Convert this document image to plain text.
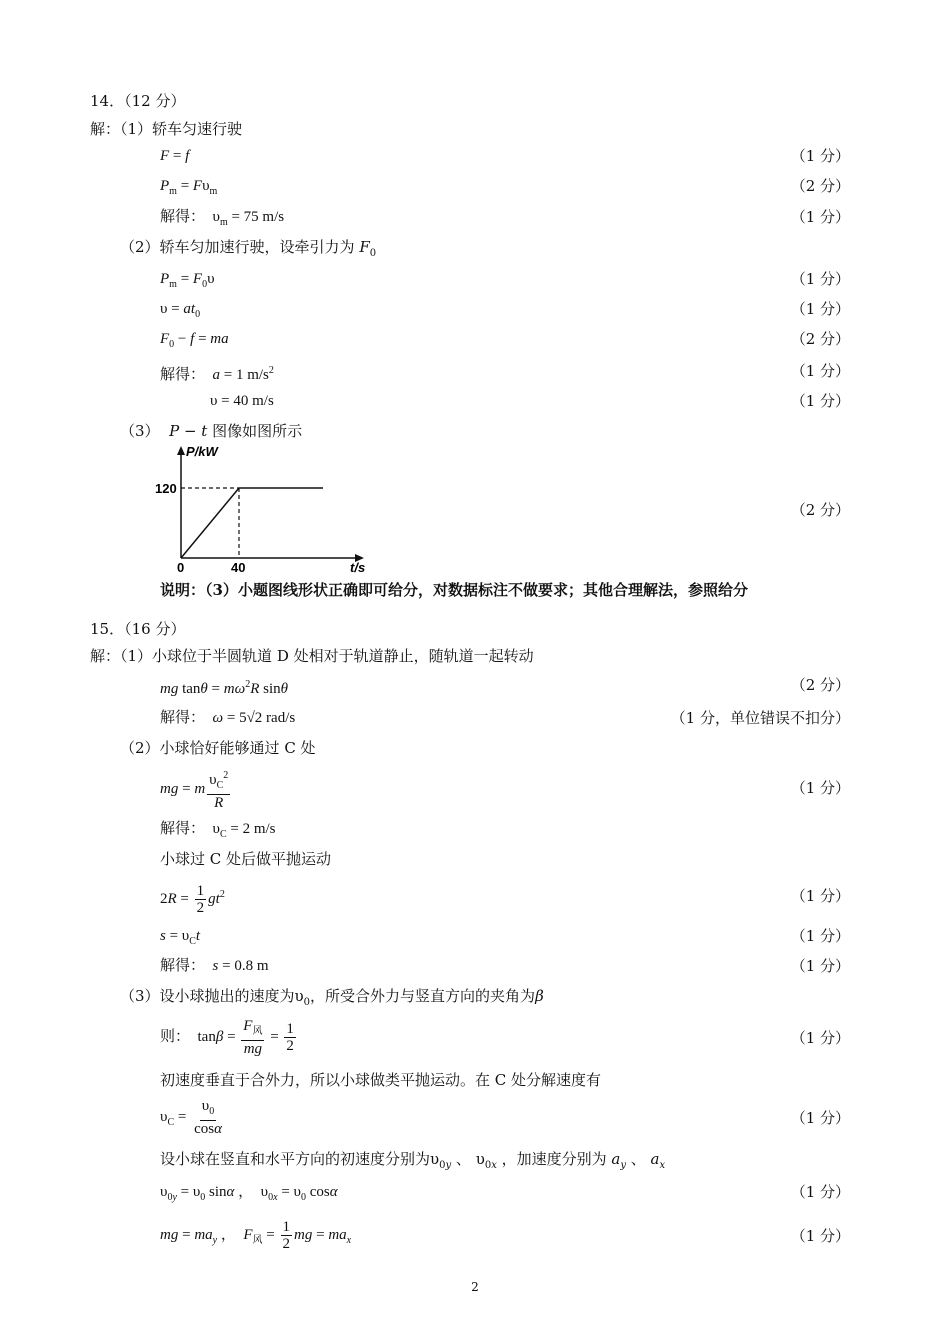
14．（12 分）
解：（1）轿车匀速行驶
F = f	（1 分）
$P_m = F\upsilon_m$	（2 分）
解得：  $\upsilon_m = 75$ m/s	（1 分）
（2）轿车匀加速行驶，设牵引力为 $F_0$
$P_m = F_0\upsilon$	（1 分）
$\upsilon = at_0$	（1 分）
$F_0 - f$ = ma	（2 分）
解得：  a = 1 $m/s^2$	（1 分）
υ = 40 m/s	（1 分）
（3）  P − t 图像如图所示
P/kW
t/s
120
40
0
（2 分）
说明：（3）小题图线形状正确即可给分，对数据标注不做要求；其他合理解法，参照给分
15．（16 分）
解：（1）小球位于半圆轨道 D 处相对于轨道静止，随轨道一起转动
mg $\tan\theta = m\omega^2R$ sinθ	（2 分）
解得：  ω = 5√2 rad/s	（1 分，单位错误不扣分）
（2）小球恰好能够通过 C 处
mg = m $\frac{\upsilon_C^2}{R}$	（1 分）
解得：  $\upsilon_C = 2$ m/s
小球过 C 处后做平抛运动
$2R = \frac{1}{2} gt^2$	（1 分）
$s = \upsilon_Ct$	（1 分）
解得：  s = 0.8 m	（1 分）
（3）设小球抛出的速度为$\upsilon_0$，所受合外力与竖直方向的夹角为β
则：  $\tan\beta = \frac{F_风}{mg} = \frac{1}{2}$	（1 分）
初速度垂直于合外力，所以小球做类平抛运动。在 C 处分解速度有
$\upsilon_C = \frac{\upsilon_0}{\cos\alpha}$	（1 分）
设小球在竖直和水平方向的初速度分别为$\upsilon_{0y}$ 、 $\upsilon_{0x}$ ，加速度分别为 $a_y$ 、 $a_x$
$\upsilon_{0y} = \upsilon_0$ sinα ，  $\upsilon_{0x} = \upsilon_0$ cosα	（1 分）
mg = $ma_y$ ，  $F_风 = \frac{1}{2}$ mg = $ma_x$	（1 分）
2
